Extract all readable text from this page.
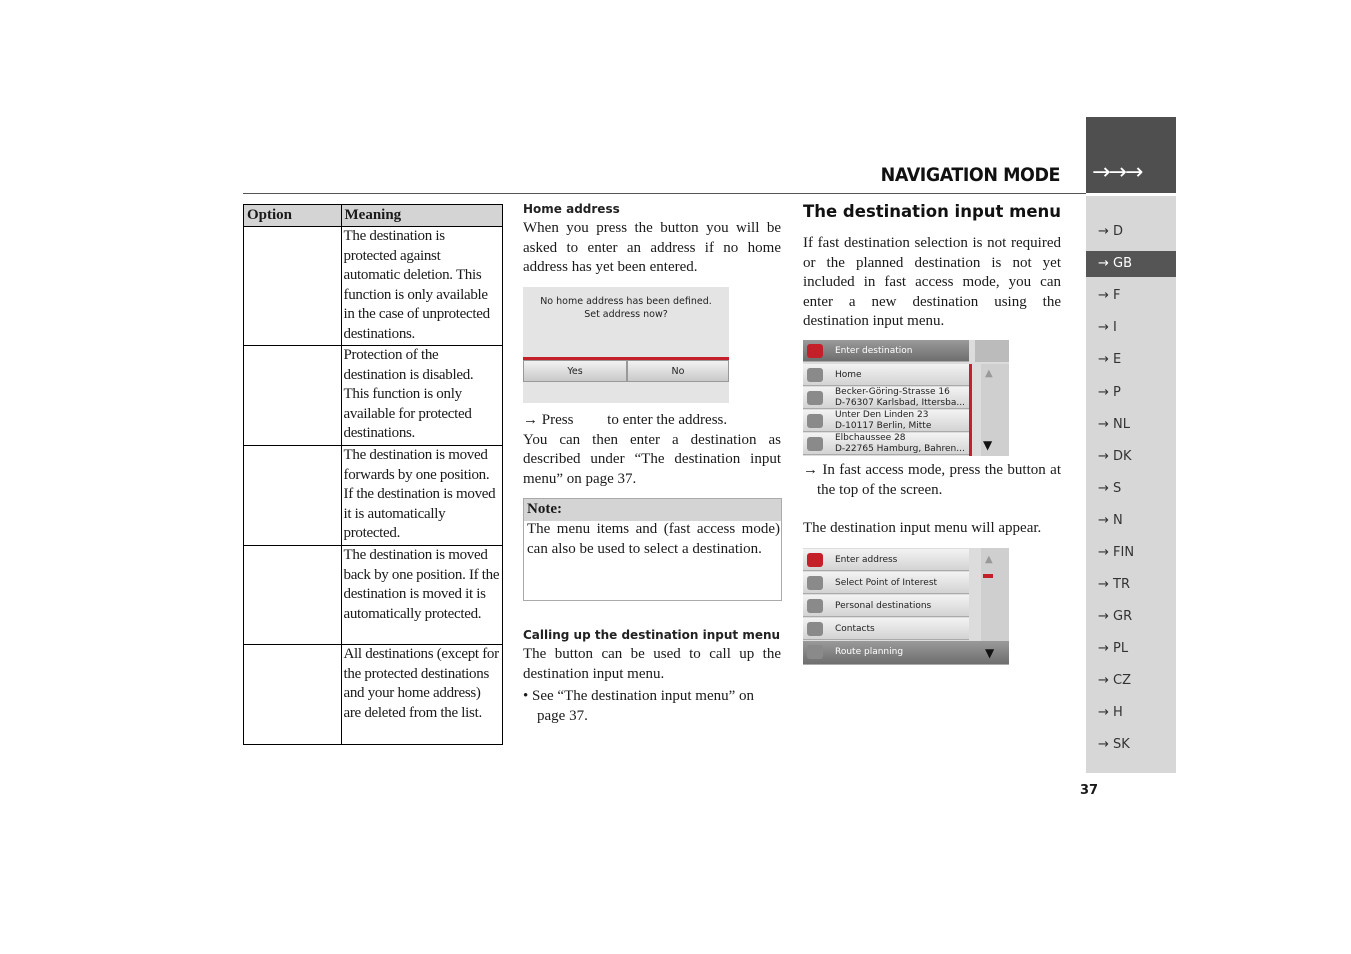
→→→
NAVIGATION MODE
→ D
→ GB
→ F
→ I
→ E
→ P
→ NL
→ DK
→ S
→ N
→ FIN
→ TR
→ GR
→ PL
→ CZ
→ H
→ SK
37
Option	Meaning
	The destination is protected against automatic deletion. This function is only available in the case of unprotected destinations.
	Protection of the destination is disabled. This function is only available for protected destinations.
	The destination is moved forwards by one position. If the destination is moved it is automatically protected.
	The destination is moved back by one position. If the destination is moved it is automatically protected.
	All destinations (except for the protected destinations and your home address) are deleted from the list.
Home address
When you press the button you will be asked to enter an address if no home address has yet been entered.
No home address has been defined.
Set address now?
Yes	No
→ Press         to enter the address.
You can then enter a destination as described under “The destination input menu” on page 37.
Note:
The menu items and (fast access mode) can also be used to select a destination.
Calling up the destination input menu
The button can be used to call up the destination input menu.
• See “The destination input menu” on page 37.
The destination input menu
If fast destination selection is not required or the planned destination is not yet included in fast access mode, you can enter a new destination using the destination input menu.
Enter destination
Home
Becker-Göring-Strasse 16
D-76307 Karlsbad, Ittersba...
Unter Den Linden 23
D-10117 Berlin, Mitte
Elbchaussee 28
D-22765 Hamburg, Bahren...
▲
▼
→ In fast access mode, press the button at the top of the screen.
The destination input menu will appear.
Enter address
Select Point of Interest
Personal destinations
Contacts
Route planning
▲
▼
